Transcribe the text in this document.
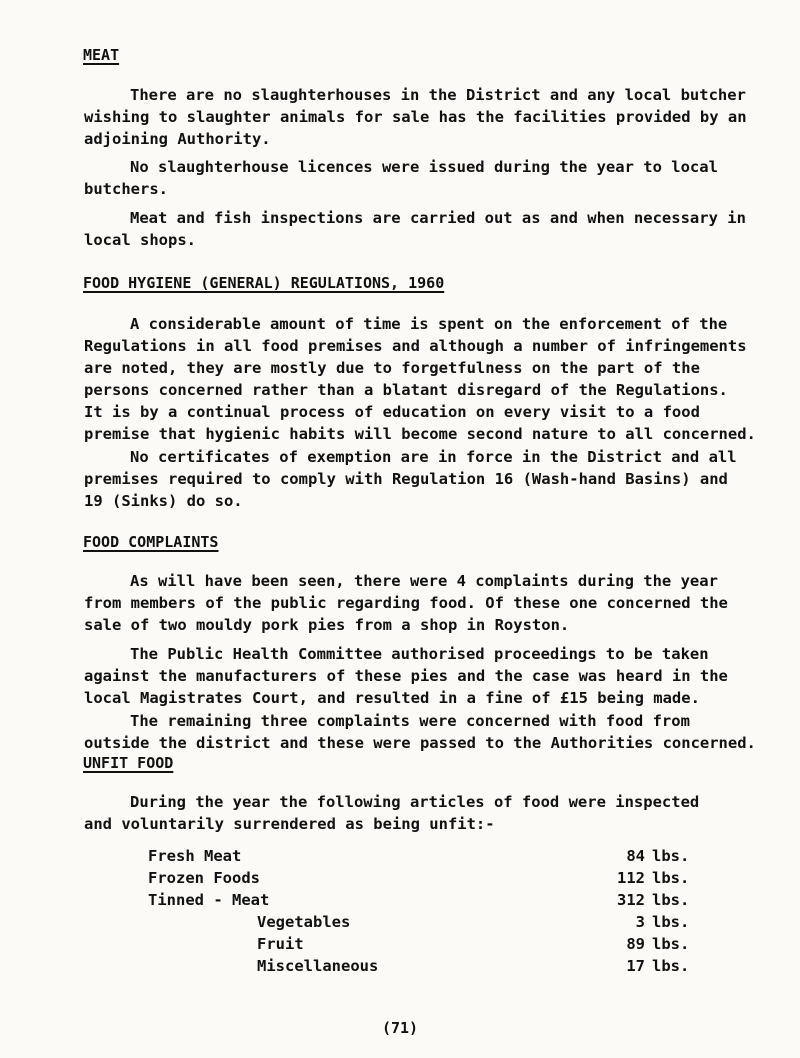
MEAT

There are no slaughterhouses in the District and any local butcher
wishing to slaughter animals for sale has the facilities provided by an
adjoining Authority.

No slaughterhouse licences were issued during the year to local
butchers.

Meat and fish inspections are carried out as and when necessary in
local shops.

FOOD HYGIENE (GENERAL) REGULATIONS, 1960

A considerable amount of time is spent on the enforcement of the
Regulations in all food premises and although a number of infringements
are noted, they are mostly due to forgetfulness on the part of the
persons concerned rather than a blatant disregard of the Regulations.
It is by a continual process of education on every visit to a food
premise that hygienic habits will become second nature to all concerned.

No certificates of exemption are in force in the District and all
premises required to comply with Regulation 16 (Wash-hand Basins) and
19 (Sinks) do so.

FOOD COMPLAINTS

As will have been seen, there were 4 complaints during the year
from members of the public regarding food. Of these one concerned the
sale of two mouldy pork pies from a shop in Royston.

The Public Health Committee authorised proceedings to be taken
against the manufacturers of these pies and the case was heard in the
local Magistrates Court, and resulted in a fine of £15 being made.

The remaining three complaints were concerned with food from
outside the district and these were passed to the Authorities concerned.

UNFIT FOOD

During the year the following articles of food were inspected
and voluntarily surrendered as being unfit:-

Fresh Meat	84	lbs.
Frozen Foods	112	lbs.
Tinned - Meat	312	lbs.
Vegetables	3	lbs.
Fruit	89	lbs.
Miscellaneous	17	lbs.
(71)
